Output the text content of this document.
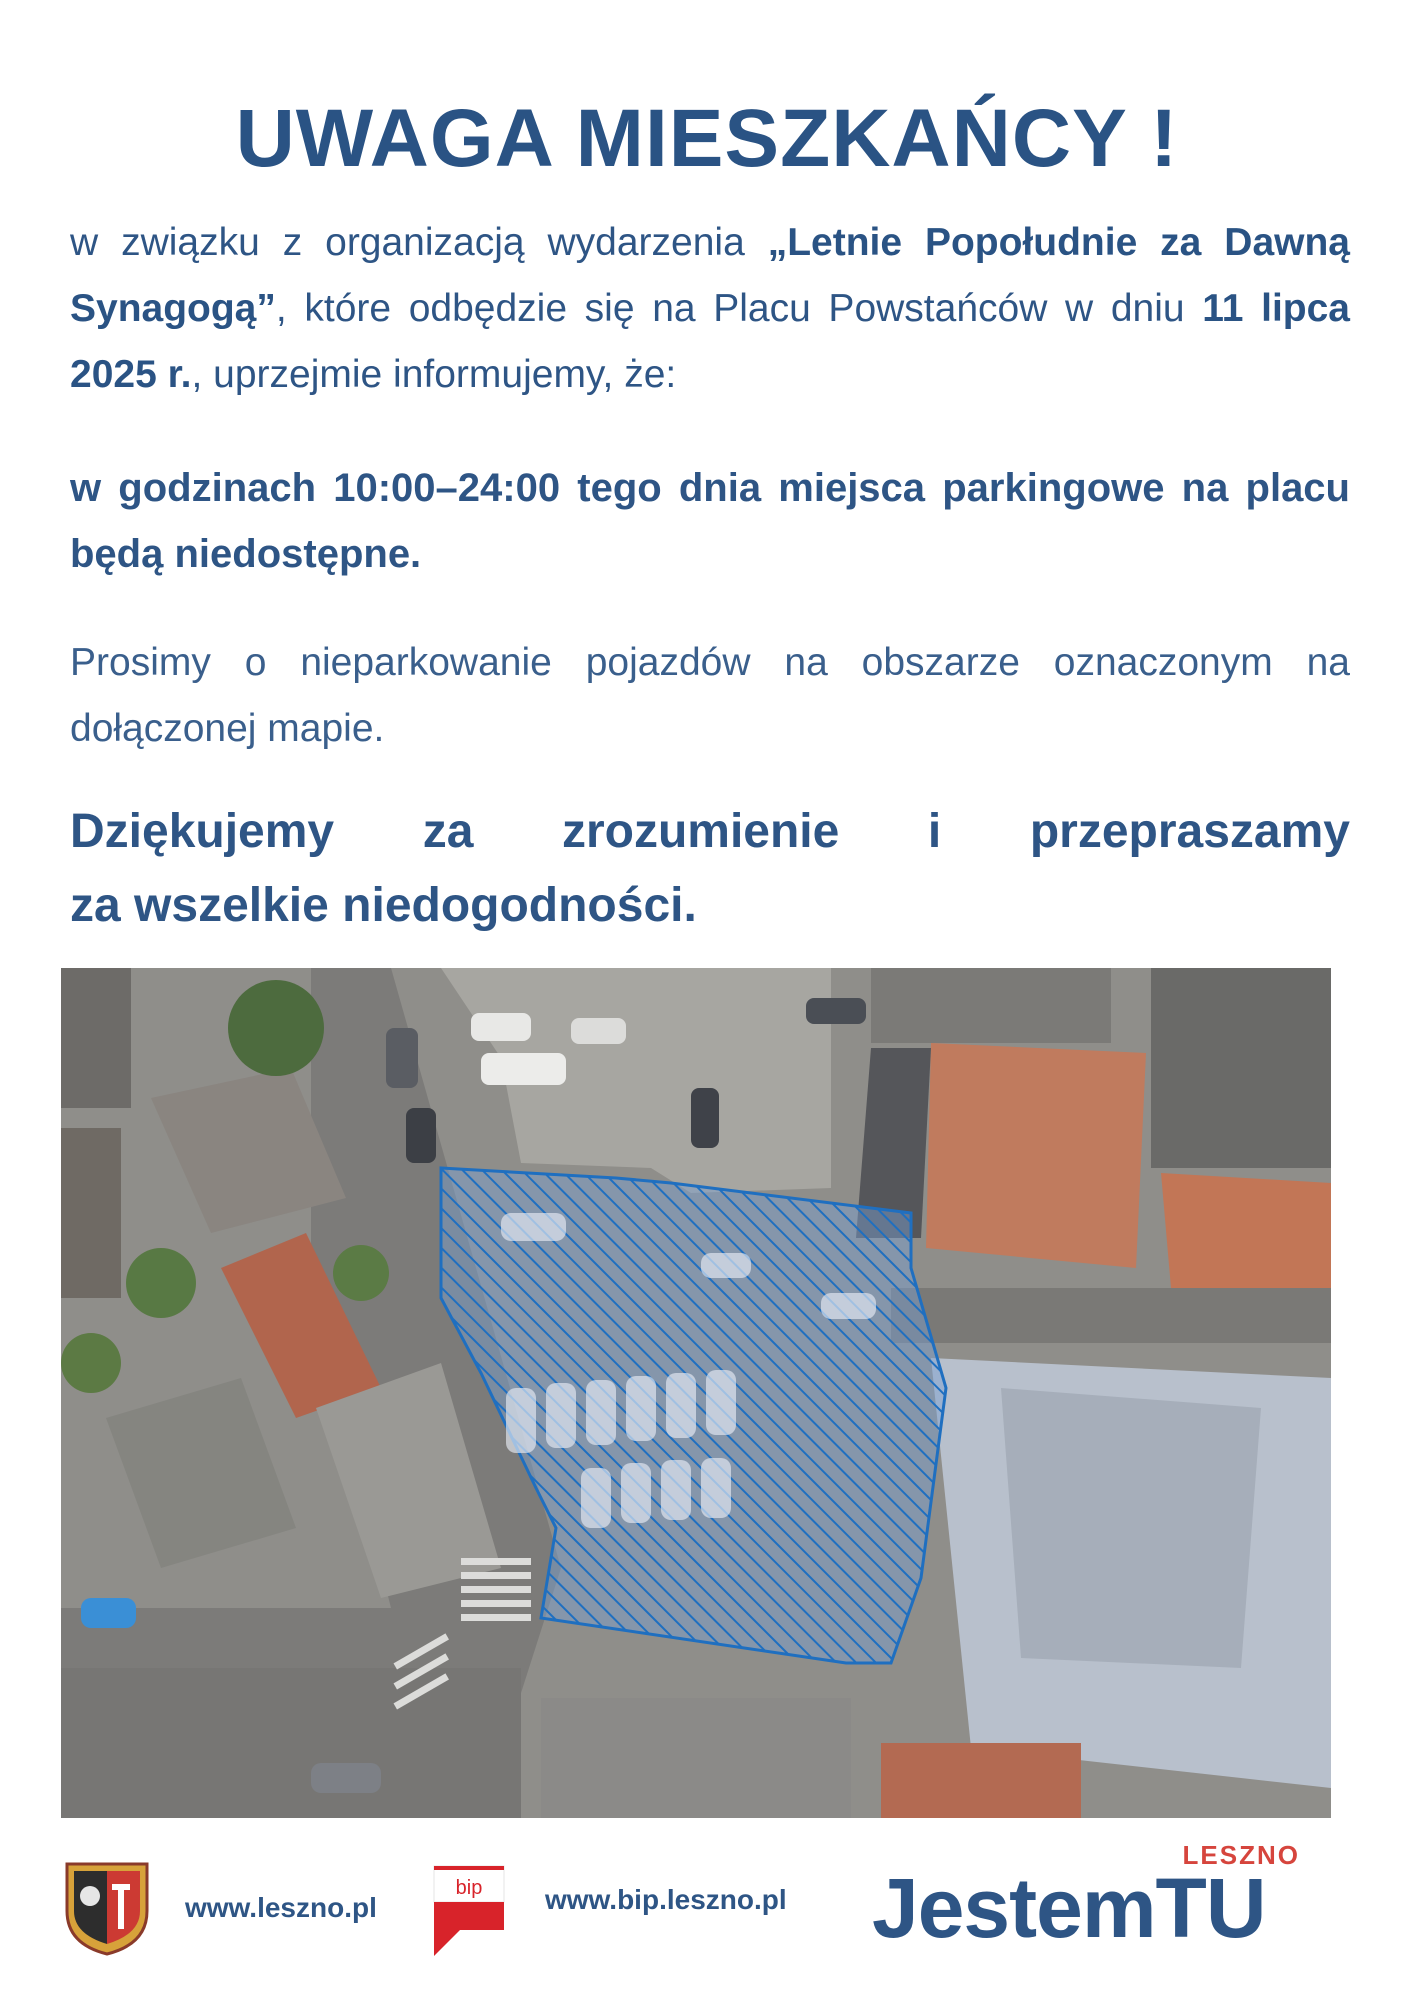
UWAGA MIESZKAŃCY !

w związku z organizacją wydarzenia „Letnie Popołudnie za Dawną Synagogą”, które odbędzie się na Placu Powstańców w dniu 11 lipca 2025 r., uprzejmie informujemy, że:

w godzinach 10:00–24:00 tego dnia miejsca parkingowe na placu będą niedostępne.

Prosimy o nieparkowanie pojazdów na obszarze oznaczonym na dołączonej mapie.

Dziękujemy za zrozumienie i przepraszamy
za wszelkie niedogodności.
www.leszno.pl
bip www.bip.leszno.pl
LESZNO
JestemTU
